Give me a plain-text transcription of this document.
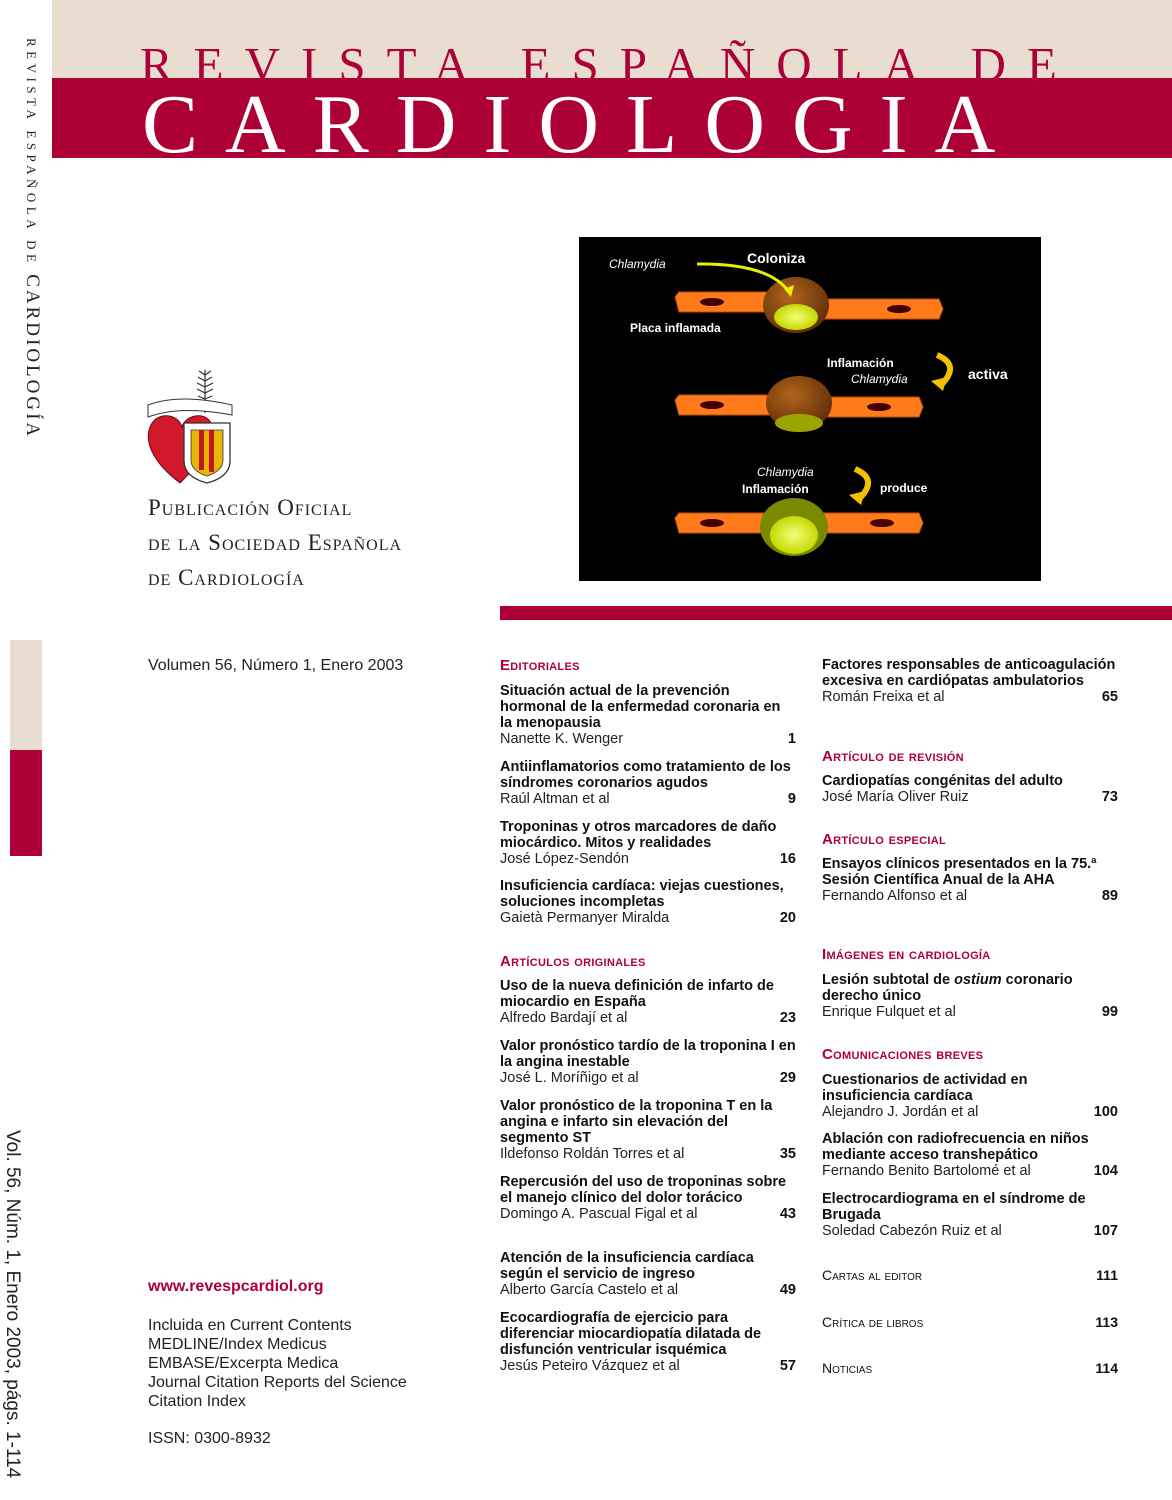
REVISTA ESPAÑOLA DE
CARDIOLOGIA
REVISTA ESPAÑOLA DE CARDIOLOGÍA
Vol. 56, Núm. 1, Enero 2003, págs. 1-114
Publicación Oficial
de la Sociedad Española
de Cardiología
Chlamydia	Coloniza
Placa inflamada
Inflamación
Chlamydia	activa
Chlamydia
Inflamación	produce
Volumen 56, Número 1, Enero 2003
www.revespcardiol.org
Incluida en Current Contents
MEDLINE/Index Medicus
EMBASE/Excerpta Medica
Journal Citation Reports del Science
Citation Index
ISSN: 0300-8932
Editoriales
Situación actual de la prevención hormonal de la enfermedad coronaria en la menopausia
Nanette K. Wenger	1
Antiinflamatorios como tratamiento de los síndromes coronarios agudos
Raúl Altman et al	9
Troponinas y otros marcadores de daño miocárdico. Mitos y realidades
José López-Sendón	16
Insuficiencia cardíaca: viejas cuestiones, soluciones incompletas
Gaietà Permanyer Miralda	20
Artículos originales
Uso de la nueva definición de infarto de miocardio en España
Alfredo Bardají et al	23
Valor pronóstico tardío de la troponina I en la angina inestable
José L. Moríñigo et al	29
Valor pronóstico de la troponina T en la angina e infarto sin elevación del segmento ST
Ildefonso Roldán Torres et al	35
Repercusión del uso de troponinas sobre el manejo clínico del dolor torácico
Domingo A. Pascual Figal et al	43
Atención de la insuficiencia cardíaca según el servicio de ingreso
Alberto García Castelo et al	49
Ecocardiografía de ejercicio para diferenciar miocardiopatía dilatada de disfunción ventricular isquémica
Jesús Peteiro Vázquez et al	57
Factores responsables de anticoagulación excesiva en cardiópatas ambulatorios
Román Freixa et al	65
Artículo de revisión
Cardiopatías congénitas del adulto
José María Oliver Ruiz	73
Artículo especial
Ensayos clínicos presentados en la 75.ª Sesión Científica Anual de la AHA
Fernando Alfonso et al	89
Imágenes en cardiología
Lesión subtotal de ostium coronario derecho único
Enrique Fulquet et al	99
Comunicaciones breves
Cuestionarios de actividad en insuficiencia cardíaca
Alejandro J. Jordán et al	100
Ablación con radiofrecuencia en niños mediante acceso transhepático
Fernando Benito Bartolomé et al	104
Electrocardiograma en el síndrome de Brugada
Soledad Cabezón Ruiz et al	107
Cartas al editor	111
Crítica de libros	113
Noticias	114
